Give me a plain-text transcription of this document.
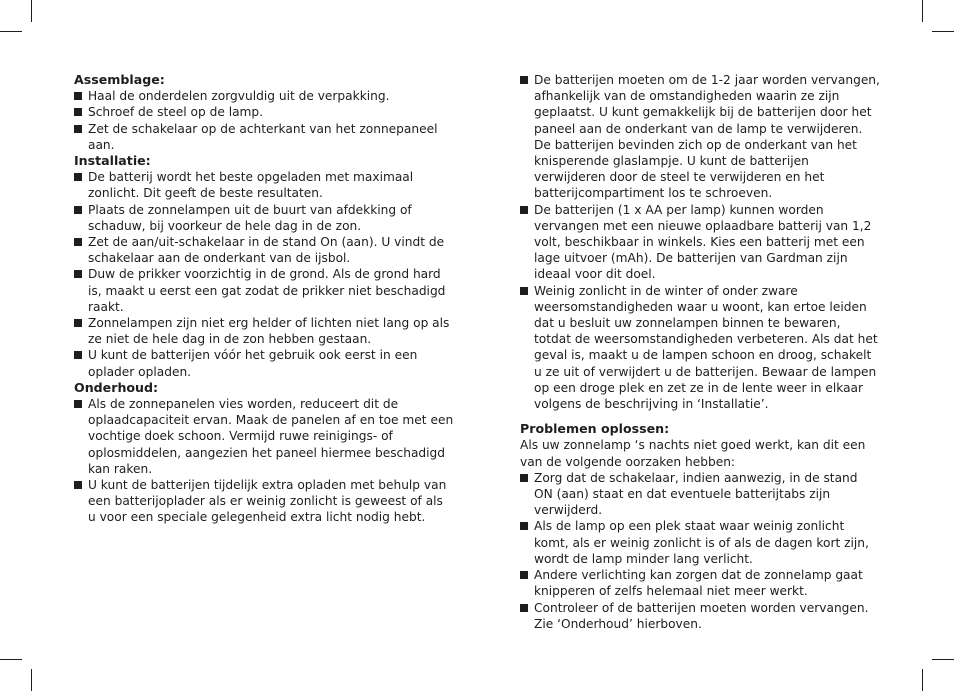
Assemblage:
Haal de onderdelen zorgvuldig uit de verpakking.
Schroef de steel op de lamp.
Zet de schakelaar op de achterkant van het zonnepaneel aan.
Installatie:
De batterij wordt het beste opgeladen met maximaal zonlicht. Dit geeft de beste resultaten.
Plaats de zonnelampen uit de buurt van afdekking of schaduw, bij voorkeur de hele dag in de zon.
Zet de aan/uit-schakelaar in de stand On (aan). U vindt de schakelaar aan de onderkant van de ijsbol.
Duw de prikker voorzichtig in de grond. Als de grond hard is, maakt u eerst een gat zodat de prikker niet beschadigd raakt.
Zonnelampen zijn niet erg helder of lichten niet lang op als ze niet de hele dag in de zon hebben gestaan.
U kunt de batterijen vóór het gebruik ook eerst in een oplader opladen.
Onderhoud:
Als de zonnepanelen vies worden, reduceert dit de oplaadcapaciteit ervan. Maak de panelen af en toe met een vochtige doek schoon. Vermijd ruwe reinigings- of oplosmiddelen, aangezien het paneel hiermee beschadigd kan raken.
U kunt de batterijen tijdelijk extra opladen met behulp van een batterijoplader als er weinig zonlicht is geweest of als u voor een speciale gelegenheid extra licht nodig hebt.
De batterijen moeten om de 1-2 jaar worden vervangen, afhankelijk van de omstandigheden waarin ze zijn geplaatst. U kunt gemakkelijk bij de batterijen door het paneel aan de onderkant van de lamp te verwijderen. De batterijen bevinden zich op de onderkant van het knisperende glaslampje. U kunt de batterijen verwijderen door de steel te verwijderen en het batterijcompartiment los te schroeven.
De batterijen (1 x AA per lamp) kunnen worden vervangen met een nieuwe oplaadbare batterij van 1,2 volt, beschikbaar in winkels. Kies een batterij met een lage uitvoer (mAh). De batterijen van Gardman zijn ideaal voor dit doel.
Weinig zonlicht in de winter of onder zware weersomstandigheden waar u woont, kan ertoe leiden dat u besluit uw zonnelampen binnen te bewaren, totdat de weersomstandigheden verbeteren. Als dat het geval is, maakt u de lampen schoon en droog, schakelt u ze uit of verwijdert u de batterijen. Bewaar de lampen op een droge plek en zet ze in de lente weer in elkaar volgens de beschrijving in ‘Installatie’.
Problemen oplossen:

Als uw zonnelamp ‘s nachts niet goed werkt, kan dit een van de volgende oorzaken hebben:

Zorg dat de schakelaar, indien aanwezig, in de stand ON (aan) staat en dat eventuele batterijtabs zijn verwijderd.
Als de lamp op een plek staat waar weinig zonlicht komt, als er weinig zonlicht is of als de dagen kort zijn, wordt de lamp minder lang verlicht.
Andere verlichting kan zorgen dat de zonnelamp gaat knipperen of zelfs helemaal niet meer werkt.
Controleer of de batterijen moeten worden vervangen. Zie ‘Onderhoud’ hierboven.
